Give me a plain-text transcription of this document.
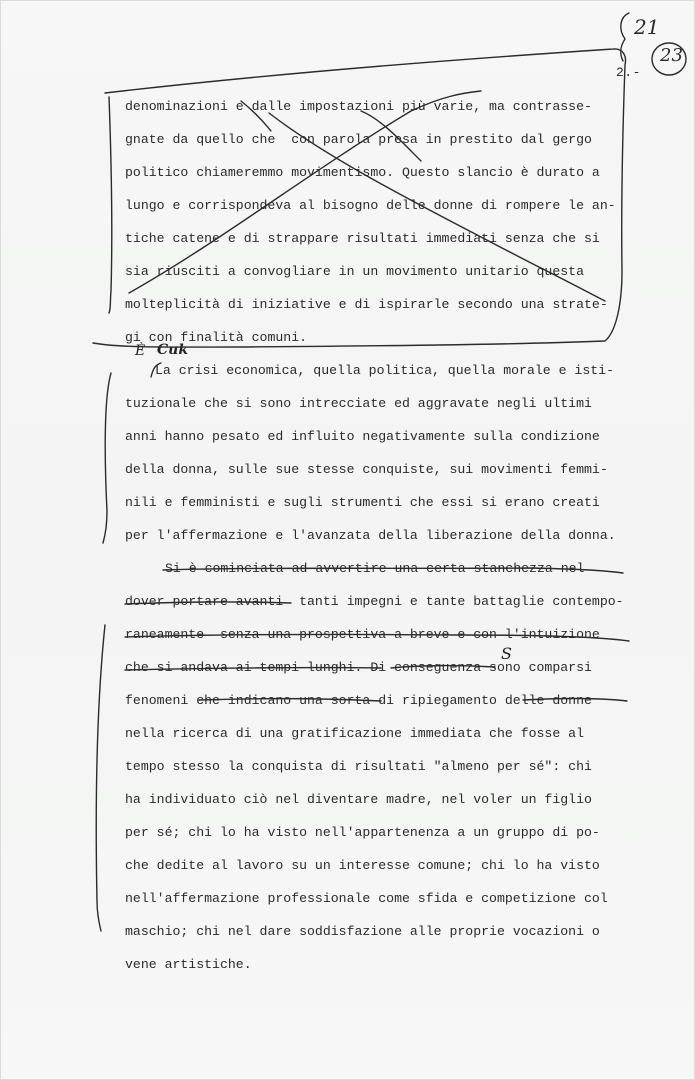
21
23
2.-
denominazioni e dalle impostazioni più varie, ma contrasse-
gnate da quello che  con parola presa in prestito dal gergo
politico chiameremmo movimentismo. Questo slancio è durato a
lungo e corrispondeva al bisogno delle donne di rompere le an-
tiche catene e di strappare risultati immediati senza che si
sia riusciti a convogliare in un movimento unitario questa
molteplicità di iniziative e di ispirarle secondo una strate-
gi con finalità comuni.
La crisi economica, quella politica, quella morale e isti-
tuzionale che si sono intrecciate ed aggravate negli ultimi
anni hanno pesato ed influito negativamente sulla condizione
della donna, sulle sue stesse conquiste, sui movimenti femmi-
nili e femministi e sugli strumenti che essi si erano creati
per l'affermazione e l'avanzata della liberazione della donna.
Si è cominciata ad avvertire una certa stanchezza nel
dover portare avanti  tanti impegni e tante battaglie contempo-
raneamente  senza una prospettiva a breve e con l'intuizione
che si andava ai tempi lunghi. Di conseguenza sono comparsi
fenomeni che indicano una sorta di ripiegamento delle donne
nella ricerca di una gratificazione immediata che fosse al
tempo stesso la conquista di risultati "almeno per sé": chi
ha individuato ciò nel diventare madre, nel voler un figlio
per sé; chi lo ha visto nell'appartenenza a un gruppo di po-
che dedite al lavoro su un interesse comune; chi lo ha visto
nell'affermazione professionale come sfida e competizione col
maschio; chi nel dare soddisfazione alle proprie vocazioni o
vene artistiche.
È Cuk
S
